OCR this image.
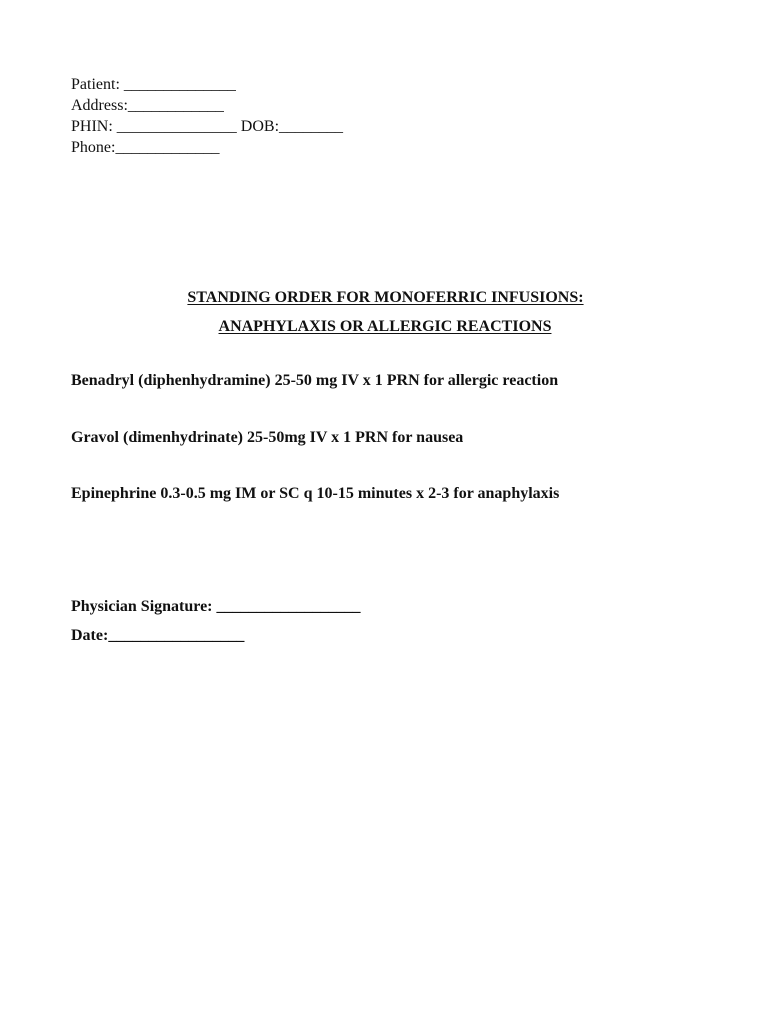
Patient: ______________
Address:____________
PHIN: _______________ DOB:________
Phone:_____________
STANDING ORDER FOR MONOFERRIC INFUSIONS:
ANAPHYLAXIS OR ALLERGIC REACTIONS
Benadryl (diphenhydramine) 25-50 mg IV x 1 PRN for allergic reaction
Gravol (dimenhydrinate) 25-50mg IV x 1 PRN for nausea
Epinephrine 0.3-0.5 mg IM or SC q 10-15 minutes x 2-3 for anaphylaxis
Physician Signature: __________________
Date:_________________
